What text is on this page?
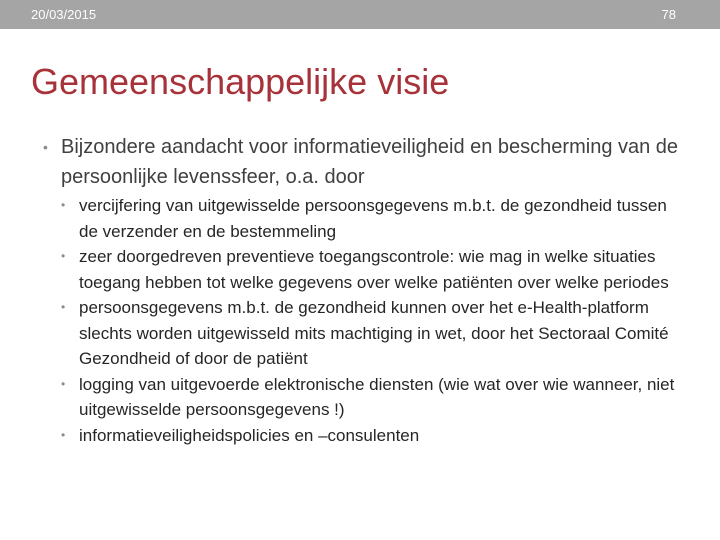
20/03/2015	78
Gemeenschappelijke visie
• Bijzondere aandacht voor informatieveiligheid en bescherming van de persoonlijke levenssfeer, o.a. door
• vercijfering van uitgewisselde persoonsgegevens m.b.t. de gezondheid tussen de verzender en de bestemmeling
• zeer doorgedreven preventieve toegangscontrole: wie mag in welke situaties toegang hebben tot welke gegevens over welke patiënten over welke periodes
• persoonsgegevens m.b.t. de gezondheid kunnen over het e-Health-platform slechts worden uitgewisseld mits machtiging in wet, door het Sectoraal Comité Gezondheid of door de patiënt
• logging van uitgevoerde elektronische diensten (wie wat over wie wanneer, niet uitgewisselde persoonsgegevens !)
• informatieveiligheidspolicies en –consulenten
